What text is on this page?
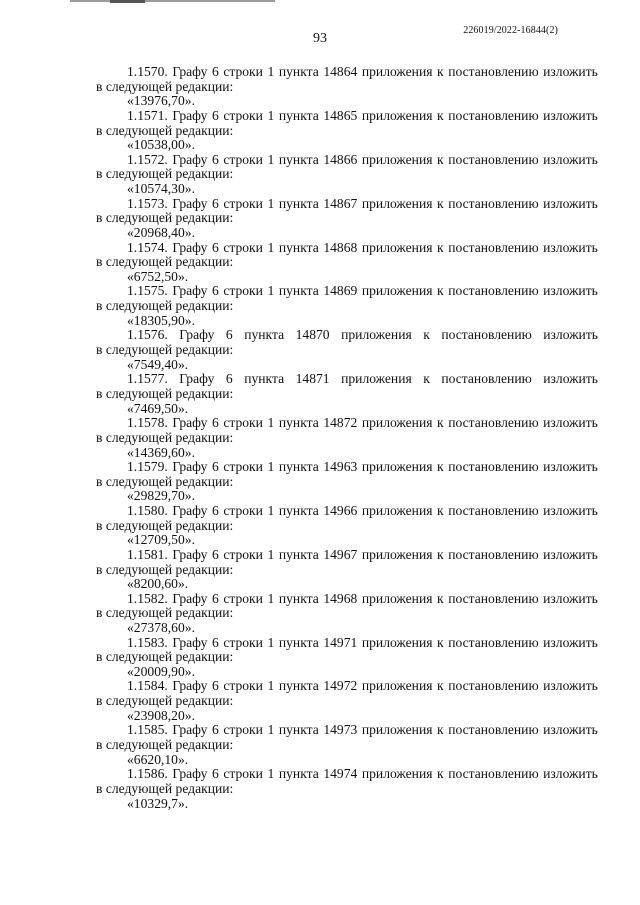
93
226019/2022-16844(2)
1.1570. Графу 6 строки 1 пункта 14864 приложения к постановлению изложить
в следующей редакции:
«13976,70».
1.1571. Графу 6 строки 1 пункта 14865 приложения к постановлению изложить
в следующей редакции:
«10538,00».
1.1572. Графу 6 строки 1 пункта 14866 приложения к постановлению изложить
в следующей редакции:
«10574,30».
1.1573. Графу 6 строки 1 пункта 14867 приложения к постановлению изложить
в следующей редакции:
«20968,40».
1.1574. Графу 6 строки 1 пункта 14868 приложения к постановлению изложить
в следующей редакции:
«6752,50».
1.1575. Графу 6 строки 1 пункта 14869 приложения к постановлению изложить
в следующей редакции:
«18305,90».
1.1576. Графу 6 пункта 14870 приложения к постановлению изложить
в следующей редакции:
«7549,40».
1.1577. Графу 6 пункта 14871 приложения к постановлению изложить
в следующей редакции:
«7469,50».
1.1578. Графу 6 строки 1 пункта 14872 приложения к постановлению изложить
в следующей редакции:
«14369,60».
1.1579. Графу 6 строки 1 пункта 14963 приложения к постановлению изложить
в следующей редакции:
«29829,70».
1.1580. Графу 6 строки 1 пункта 14966 приложения к постановлению изложить
в следующей редакции:
«12709,50».
1.1581. Графу 6 строки 1 пункта 14967 приложения к постановлению изложить
в следующей редакции:
«8200,60».
1.1582. Графу 6 строки 1 пункта 14968 приложения к постановлению изложить
в следующей редакции:
«27378,60».
1.1583. Графу 6 строки 1 пункта 14971 приложения к постановлению изложить
в следующей редакции:
«20009,90».
1.1584. Графу 6 строки 1 пункта 14972 приложения к постановлению изложить
в следующей редакции:
«23908,20».
1.1585. Графу 6 строки 1 пункта 14973 приложения к постановлению изложить
в следующей редакции:
«6620,10».
1.1586. Графу 6 строки 1 пункта 14974 приложения к постановлению изложить
в следующей редакции:
«10329,7».
